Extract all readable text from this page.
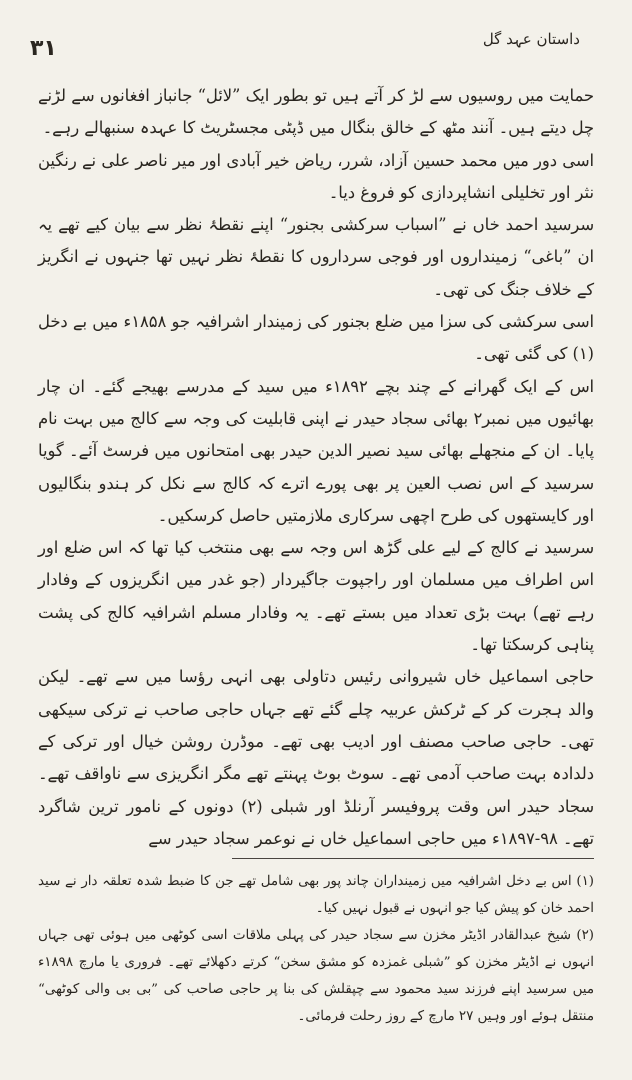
۳۱	داستان عہد گل

حمایت میں روسیوں سے لڑ کر آتے ہیں تو بطور ایک ”لائل“ جانباز افغانوں سے لڑنے چل دیتے ہیں۔ آنند مٹھ کے خالق بنگال میں ڈپٹی مجسٹریٹ کا عہدہ سنبھالے رہے۔

اسی دور میں محمد حسین آزاد، شرر، ریاض خیر آبادی اور میر ناصر علی نے رنگین نثر اور تخلیلی انشاپردازی کو فروغ دیا۔

سرسید احمد خاں نے ”اسباب سرکشی بجنور“ اپنے نقطۂ نظر سے بیان کیے تھے یہ ان ”باغی“ زمینداروں اور فوجی سرداروں کا نقطۂ نظر نہیں تھا جنہوں نے انگریز کے خلاف جنگ کی تھی۔

اسی سرکشی کی سزا میں ضلع بجنور کی زمیندار اشرافیہ جو ۱۸۵۸ء میں بے دخل (۱) کی گئی تھی۔

اس کے ایک گھرانے کے چند بچے ۱۸۹۲ء میں سید کے مدرسے بھیجے گئے۔ ان چار بھائیوں میں نمبر۲ بھائی سجاد حیدر نے اپنی قابلیت کی وجہ سے کالج میں بہت نام پایا۔ ان کے منجھلے بھائی سید نصیر الدین حیدر بھی امتحانوں میں فرسٹ آئے۔ گویا سرسید کے اس نصب العین پر بھی پورے اترے کہ کالج سے نکل کر ہندو بنگالیوں اور کایستھوں کی طرح اچھی سرکاری ملازمتیں حاصل کرسکیں۔

سرسید نے کالج کے لیے علی گڑھ اس وجہ سے بھی منتخب کیا تھا کہ اس ضلع اور اس اطراف میں مسلمان اور راجپوت جاگیردار (جو غدر میں انگریزوں کے وفادار رہے تھے) بہت بڑی تعداد میں بستے تھے۔ یہ وفادار مسلم اشرافیہ کالج کی پشت پناہی کرسکتا تھا۔

حاجی اسماعیل خاں شیروانی رئیس دتاولی بھی انہی رؤسا میں سے تھے۔ لیکن والد ہجرت کر کے ٹرکش عربیہ چلے گئے تھے جہاں حاجی صاحب نے ترکی سیکھی تھی۔ حاجی صاحب مصنف اور ادیب بھی تھے۔ موڈرن روشن خیال اور ترکی کے دلدادہ بہت صاحب آدمی تھے۔ سوٹ بوٹ پہنتے تھے مگر انگریزی سے ناواقف تھے۔ سجاد حیدر اس وقت پروفیسر آرنلڈ اور شبلی (۲) دونوں کے نامور ترین شاگرد تھے۔ ۹۸-۱۸۹۷ء میں حاجی اسماعیل خاں نے نوعمر سجاد حیدر سے

(۱) اس بے دخل اشرافیہ میں زمینداران چاند پور بھی شامل تھے جن کا ضبط شدہ تعلقہ دار نے سید احمد خان کو پیش کیا جو انہوں نے قبول نہیں کیا۔

(۲) شیخ عبدالقادر اڈیٹر مخزن سے سجاد حیدر کی پہلی ملاقات اسی کوٹھی میں ہوئی تھی جہاں انہوں نے اڈیٹر مخزن کو ”شبلی غمزدہ کو مشق سخن“ کرتے دکھلائے تھے۔ فروری یا مارچ ۱۸۹۸ء میں سرسید اپنے فرزند سید محمود سے چپقلش کی بنا پر حاجی صاحب کی ”بی بی والی کوٹھی“ منتقل ہوئے اور وہیں ۲۷ مارچ کے روز رحلت فرمائی۔
